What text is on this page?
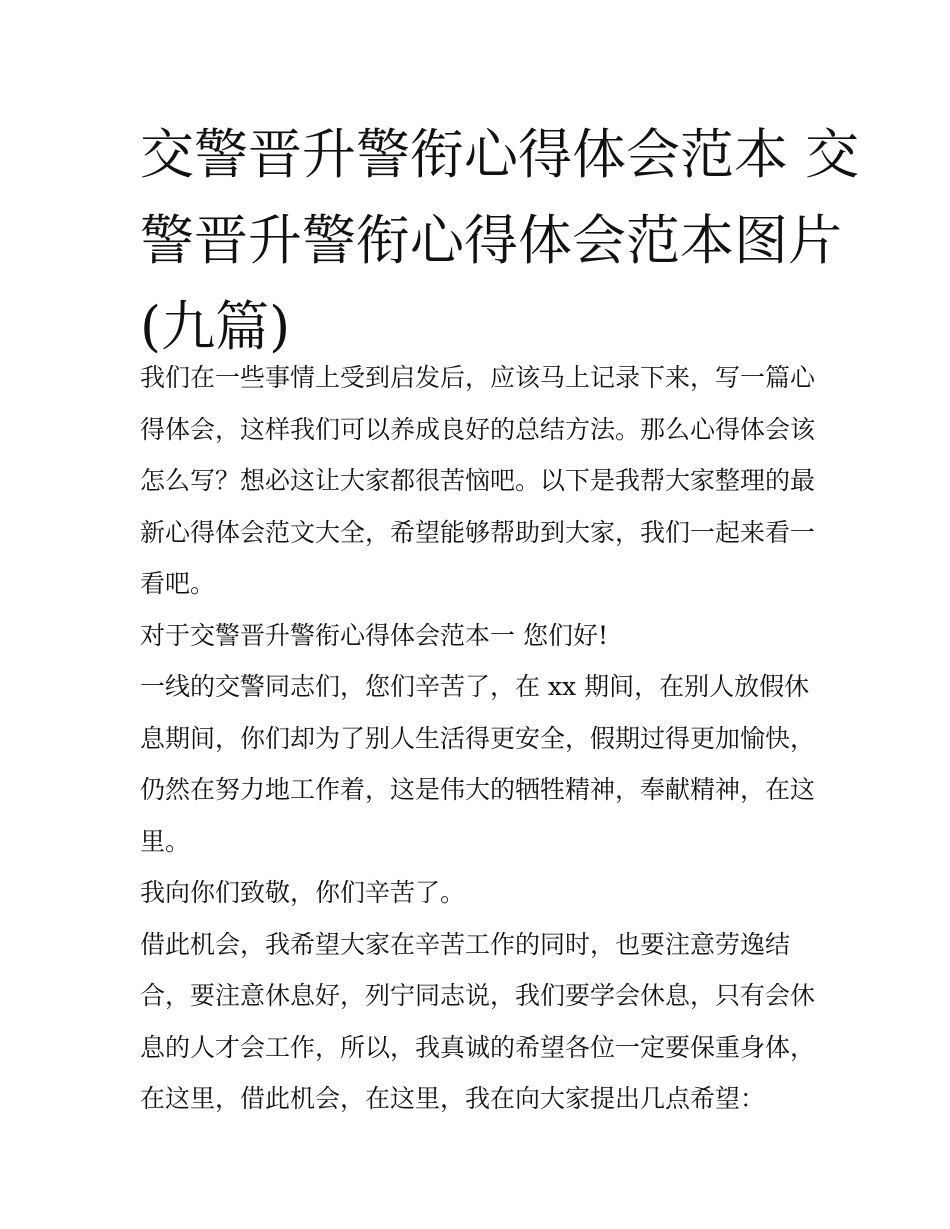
交警晋升警衔心得体会范本 交
警晋升警衔心得体会范本图片
(九篇)
我们在一些事情上受到启发后，应该马上记录下来，写一篇心
得体会，这样我们可以养成良好的总结方法。那么心得体会该
怎么写？想必这让大家都很苦恼吧。以下是我帮大家整理的最
新心得体会范文大全，希望能够帮助到大家，我们一起来看一
看吧。
对于交警晋升警衔心得体会范本一 您们好!
一线的交警同志们，您们辛苦了，在 xx 期间，在别人放假休
息期间，你们却为了别人生活得更安全，假期过得更加愉快，
仍然在努力地工作着，这是伟大的牺牲精神，奉献精神，在这
里。
我向你们致敬，你们辛苦了。
借此机会，我希望大家在辛苦工作的同时，也要注意劳逸结
合，要注意休息好，列宁同志说，我们要学会休息，只有会休
息的人才会工作，所以，我真诚的希望各位一定要保重身体，
在这里，借此机会，在这里，我在向大家提出几点希望：
